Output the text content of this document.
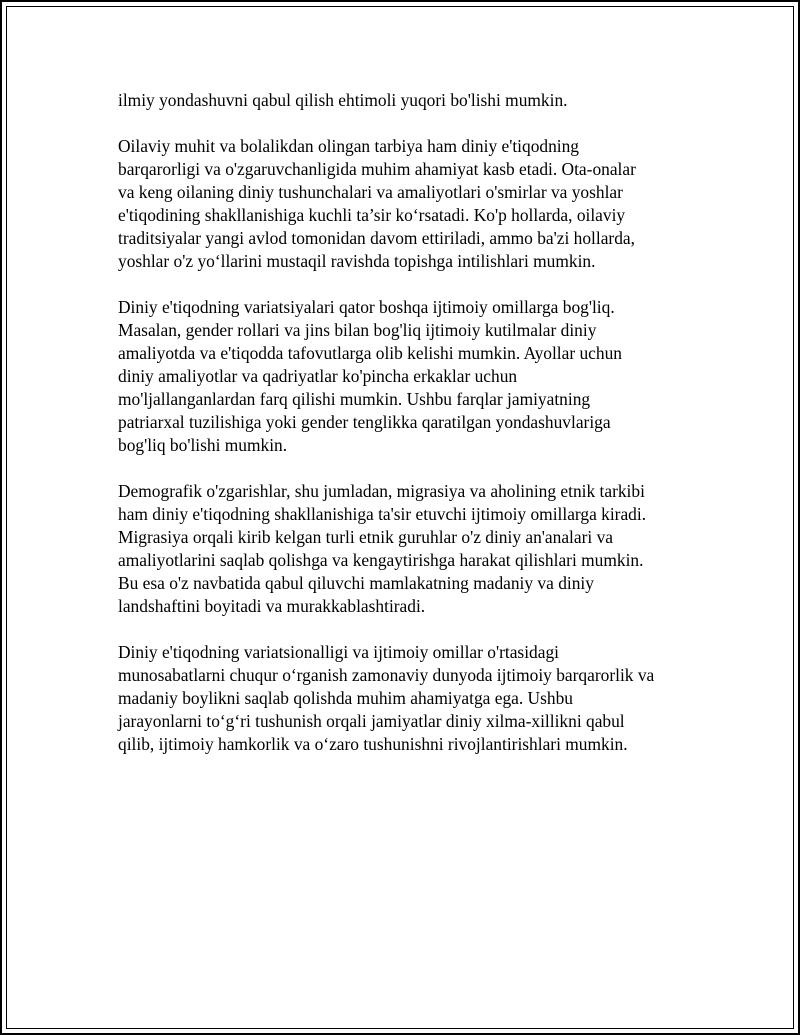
ilmiy yondashuvni qabul qilish ehtimoli yuqori bo'lishi mumkin.

Oilaviy muhit va bolalikdan olingan tarbiya ham diniy e'tiqodning
barqarorligi va o'zgaruvchanligida muhim ahamiyat kasb etadi. Ota-onalar
va keng oilaning diniy tushunchalari va amaliyotlari o'smirlar va yoshlar
e'tiqodining shakllanishiga kuchli ta’sir ko‘rsatadi. Ko'p hollarda, oilaviy
traditsiyalar yangi avlod tomonidan davom ettiriladi, ammo ba'zi hollarda,
yoshlar o'z yo‘llarini mustaqil ravishda topishga intilishlari mumkin.

Diniy e'tiqodning variatsiyalari qator boshqa ijtimoiy omillarga bog'liq.
Masalan, gender rollari va jins bilan bog'liq ijtimoiy kutilmalar diniy
amaliyotda va e'tiqodda tafovutlarga olib kelishi mumkin. Ayollar uchun
diniy amaliyotlar va qadriyatlar ko'pincha erkaklar uchun
mo'ljallanganlardan farq qilishi mumkin. Ushbu farqlar jamiyatning
patriarxal tuzilishiga yoki gender tenglikka qaratilgan yondashuvlariga
bog'liq bo'lishi mumkin.

Demografik o'zgarishlar, shu jumladan, migrasiya va aholining etnik tarkibi
ham diniy e'tiqodning shakllanishiga ta'sir etuvchi ijtimoiy omillarga kiradi.
Migrasiya orqali kirib kelgan turli etnik guruhlar o'z diniy an'analari va
amaliyotlarini saqlab qolishga va kengaytirishga harakat qilishlari mumkin.
Bu esa o'z navbatida qabul qiluvchi mamlakatning madaniy va diniy
landshaftini boyitadi va murakkablashtiradi.

Diniy e'tiqodning variatsionalligi va ijtimoiy omillar o'rtasidagi
munosabatlarni chuqur o‘rganish zamonaviy dunyoda ijtimoiy barqarorlik va
madaniy boylikni saqlab qolishda muhim ahamiyatga ega. Ushbu
jarayonlarni to‘g‘ri tushunish orqali jamiyatlar diniy xilma-xillikni qabul
qilib, ijtimoiy hamkorlik va o‘zaro tushunishni rivojlantirishlari mumkin.
